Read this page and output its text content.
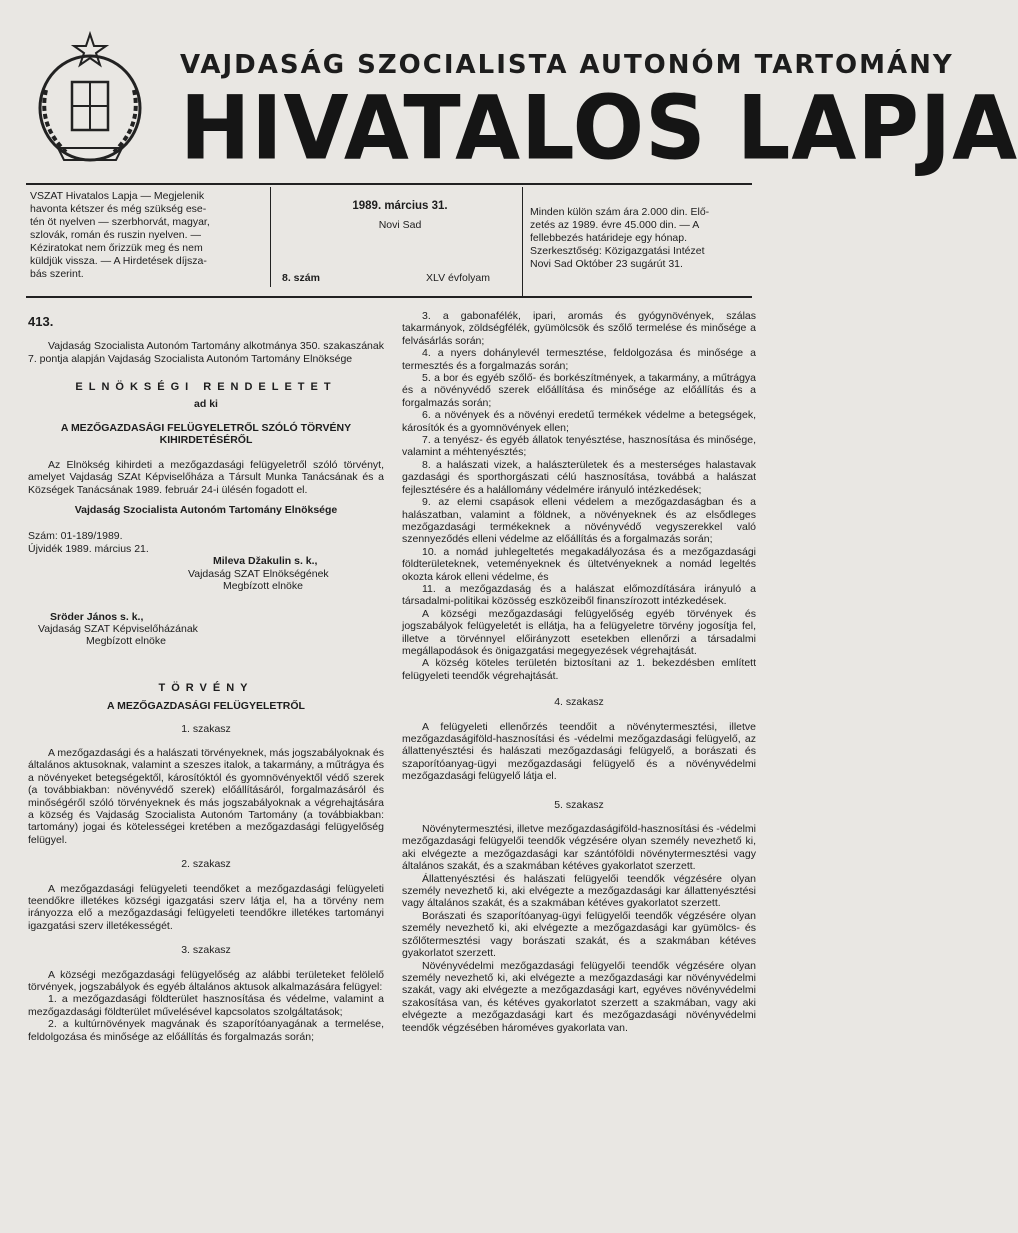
VAJDASÁG SZOCIALISTA AUTONÓM TARTOMÁNY
HIVATALOS LAPJA
VSZAT Hivatalos Lapja — Megjelenik
havonta kétszer és még szükség ese-
tén öt nyelven — szerbhorvát, magyar,
szlovák, román és ruszin nyelven. —
Kéziratokat nem őrizzük meg és nem
küldjük vissza. — A Hirdetések díjsza-
bás szerint.
1989. március 31.
Novi Sad
8. szám	XLV évfolyam
Minden külön szám ára 2.000 din. Elő-
zetés az 1989. évre 45.000 din. — A
fellebbezés határideje egy hónap.
Szerkesztőség: Közigazgatási Intézet
Novi Sad Október 23 sugárút 31.
413.

Vajdaság Szocialista Autonóm Tartomány alkotmánya 350. szakaszának 7. pontja alapján Vajdaság Szocialista Autonóm Tartomány Elnöksége

ELNÖKSÉGI RENDELETET
ad ki
A MEZŐGAZDASÁGI FELÜGYELETRŐL SZÓLÓ TÖRVÉNY KIHIRDETÉSÉRŐL

Az Elnökség kihirdeti a mezőgazdasági felügyeletről szóló törvényt, amelyet Vajdaság SZAt Képviselőháza a Társult Munka Tanácsának és a Községek Tanácsának 1989. február 24-i ülésén fogadott el.

Vajdaság Szocialista Autonóm Tartomány Elnöksége
Szám: 01-189/1989.
Újvidék 1989. március 21.
Mileva Džakulin s. k.,
Vajdaság SZAT Elnökségének
Megbízott elnöke
Sröder János s. k.,
Vajdaság SZAT Képviselőházának
Megbízott elnöke
TÖRVÉNY
A MEZŐGAZDASÁGI FELÜGYELETRŐL
1. szakasz

A mezőgazdasági és a halászati törvényeknek, más jogszabályoknak és általános aktusoknak, valamint a szeszes italok, a takarmány, a műtrágya és a növényeket betegségektől, károsítóktól és gyomnövényektől védő szerek (a továbbiakban: növényvédő szerek) előállításáról, forgalmazásáról és minőségéről szóló törvényeknek és más jogszabályoknak a végrehajtására a község és Vajdaság Szocialista Autonóm Tartomány (a továbbiakban: tartomány) jogai és kötelességei kretében a mezőgazdasági felügyelőség felügyel.

2. szakasz

A mezőgazdasági felügyeleti teendőket a mezőgazdasági felügyeleti teendőkre illetékes községi igazgatási szerv látja el, ha a törvény nem irányozza elő a mezőgazdasági felügyeleti teendőkre illetékes tartományi igazgatási szerv illetékességét.

3. szakasz

A községi mezőgazdasági felügyelőség az alábbi területeket felölelő törvények, jogszabályok és egyéb általános aktusok alkalmazására felügyel:

1. a mezőgazdasági földterület hasznosítása és védelme, valamint a mezőgazdasági földterület művelésével kapcsolatos szolgáltatások;

2. a kultúrnövények magvának és szaporítóanyagának a termelése, feldolgozása és minősége az előállítás és forgalmazás során;

3. a gabonafélék, ipari, aromás és gyógynövények, szálas takarmányok, zöldségfélék, gyümölcsök és szőlő termelése és minősége a felvásárlás során;

4. a nyers dohánylevél termesztése, feldolgozása és minősége a termesztés és a forgalmazás során;

5. a bor és egyéb szőlő- és borkészítmények, a takarmány, a műtrágya és a növényvédő szerek előállítása és minősége az előállítás és a forgalmazás során;

6. a növények és a növényi eredetű termékek védelme a betegségek, károsítók és a gyomnövények ellen;

7. a tenyész- és egyéb állatok tenyésztése, hasznosítása és minősége, valamint a méhtenyésztés;

8. a halászati vizek, a halászterületek és a mesterséges halastavak gazdasági és sporthorgászati célú hasznosítása, továbbá a halászat fejlesztésére és a halállomány védelmére irányuló intézkedések;

9. az elemi csapások elleni védelem a mezőgazdaságban és a halászatban, valamint a földnek, a növényeknek és az elsődleges mezőgazdasági termékeknek a növényvédő vegyszerekkel való szennyeződés elleni védelme az előállítás és a forgalmazás során;

10. a nomád juhlegeltetés megakadályozása és a mezőgazdasági földterületeknek, veteményeknek és ültetvényeknek a nomád legeltés okozta károk elleni védelme, és

11. a mezőgazdaság és a halászat előmozdítására irányuló a társadalmi-politikai közösség eszközeiből finanszírozott intézkedések.

A községi mezőgazdasági felügyelőség egyéb törvények és jogszabályok felügyeletét is ellátja, ha a felügyeletre törvény jogosítja fel, illetve a törvénnyel előirányzott esetekben ellenőrzi a társadalmi megállapodások és önigazgatási megegyezések végrehajtását.

A község köteles területén biztosítani az 1. bekezdésben említett felügyeleti teendők végrehajtását.

4. szakasz

A felügyeleti ellenőrzés teendőit a növénytermesztési, illetve mezőgazdaságiföld-hasznosítási és -védelmi mezőgazdasági felügyelő, az állattenyésztési és halászati mezőgazdasági felügyelő, a borászati és szaporítóanyag-ügyi mezőgazdasági felügyelő és a növényvédelmi mezőgazdasági felügyelő látja el.

5. szakasz

Növénytermesztési, illetve mezőgazdaságiföld-hasznosítási és -védelmi mezőgazdasági felügyelői teendők végzésére olyan személy nevezhető ki, aki elvégezte a mezőgazdasági kar szántóföldi növénytermesztési vagy általános szakát, és a szakmában kétéves gyakorlatot szerzett.

Állattenyésztési és halászati felügyelői teendők végzésére olyan személy nevezhető ki, aki elvégezte a mezőgazdasági kar állattenyésztési vagy általános szakát, és a szakmában kétéves gyakorlatot szerzett.

Borászati és szaporítóanyag-ügyi felügyelői teendők végzésére olyan személy nevezhető ki, aki elvégezte a mezőgazdasági kar gyümölcs- és szőlőtermesztési vagy borászati szakát, és a szakmában kétéves gyakorlatot szerzett.

Növényvédelmi mezőgazdasági felügyelői teendők végzésére olyan személy nevezhető ki, aki elvégezte a mezőgazdasági kar növényvédelmi szakát, vagy aki elvégezte a mezőgazdasági kart, egyéves növényvédelmi szakosítása van, és kétéves gyakorlatot szerzett a szakmában, vagy aki elvégezte a mezőgazdasági kart és mezőgazdasági növényvédelmi teendők végzésében hároméves gyakorlata van.
